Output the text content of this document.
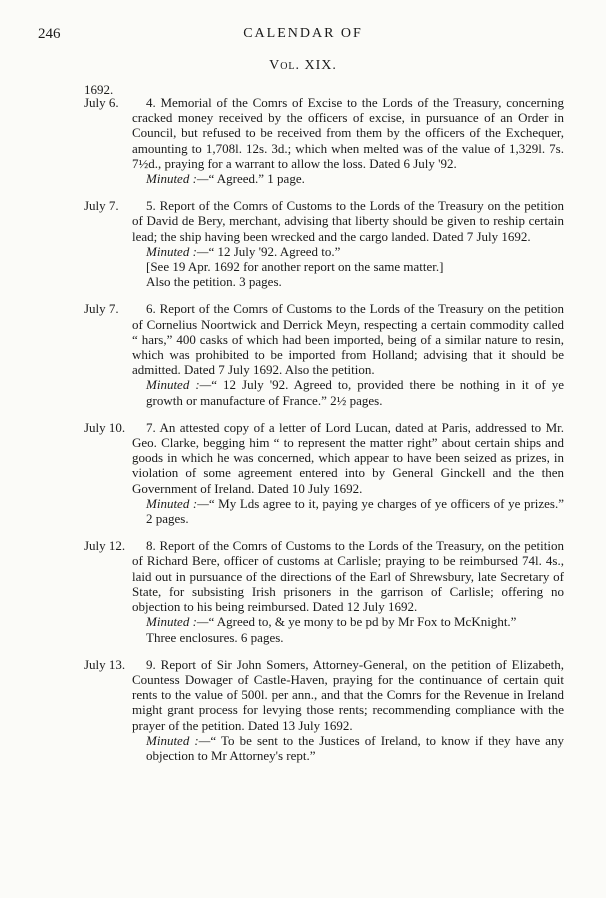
246	CALENDAR OF
Vol. XIX.
1692.
July 6.	4. Memorial of the Comrs of Excise to the Lords of the Treasury, concerning cracked money received by the officers of excise, in pursuance of an Order in Council, but refused to be received from them by the officers of the Exchequer, amounting to 1,708l. 12s. 3d.; which when melted was of the value of 1,329l. 7s. 7½d., praying for a warrant to allow the loss. Dated 6 July '92.

Minuted :—“ Agreed.” 1 page.

July 7.	5. Report of the Comrs of Customs to the Lords of the Treasury on the petition of David de Bery, merchant, advising that liberty should be given to reship certain lead; the ship having been wrecked and the cargo landed. Dated 7 July 1692.

Minuted :—“ 12 July '92. Agreed to.”

[See 19 Apr. 1692 for another report on the same matter.]

Also the petition. 3 pages.

July 7.	6. Report of the Comrs of Customs to the Lords of the Treasury on the petition of Cornelius Noortwick and Derrick Meyn, respecting a certain commodity called “ hars,” 400 casks of which had been imported, being of a similar nature to resin, which was prohibited to be imported from Holland; advising that it should be admitted. Dated 7 July 1692. Also the petition.

Minuted :—“ 12 July '92. Agreed to, provided there be nothing in it of ye growth or manufacture of France.” 2½ pages.

July 10.	7. An attested copy of a letter of Lord Lucan, dated at Paris, addressed to Mr. Geo. Clarke, begging him “ to represent the matter right” about certain ships and goods in which he was concerned, which appear to have been seized as prizes, in violation of some agreement entered into by General Ginckell and the then Government of Ireland. Dated 10 July 1692.

Minuted :—“ My Lds agree to it, paying ye charges of ye officers of ye prizes.” 2 pages.

July 12.	8. Report of the Comrs of Customs to the Lords of the Treasury, on the petition of Richard Bere, officer of customs at Carlisle; praying to be reimbursed 74l. 4s., laid out in pursuance of the directions of the Earl of Shrewsbury, late Secretary of State, for subsisting Irish prisoners in the garrison of Carlisle; offering no objection to his being reimbursed. Dated 12 July 1692.

Minuted :—“ Agreed to, & ye mony to be pd by Mr Fox to McKnight.”

Three enclosures. 6 pages.

July 13.	9. Report of Sir John Somers, Attorney-General, on the petition of Elizabeth, Countess Dowager of Castle-Haven, praying for the continuance of certain quit rents to the value of 500l. per ann., and that the Comrs for the Revenue in Ireland might grant process for levying those rents; recommending compliance with the prayer of the petition. Dated 13 July 1692.

Minuted :—“ To be sent to the Justices of Ireland, to know if they have any objection to Mr Attorney's rept.”
